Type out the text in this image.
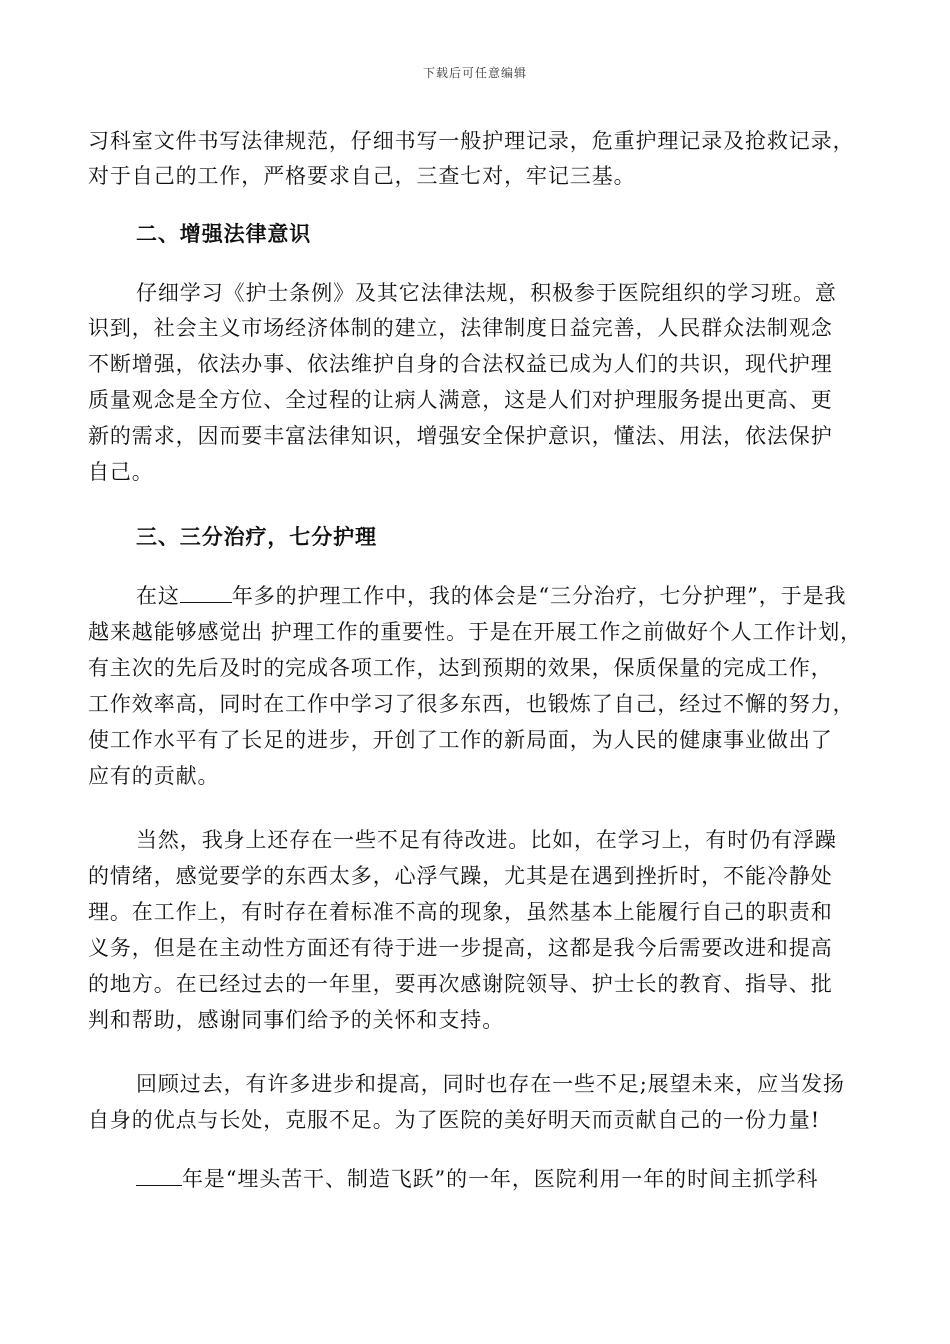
下载后可任意编辑
习科室文件书写法律规范，仔细书写一般护理记录，危重护理记录及抢救记录，
对于自己的工作，严格要求自己，三查七对，牢记三基。
二、增强法律意识
仔细学习《护士条例》及其它法律法规，积极参于医院组织的学习班。意
识到，社会主义市场经济体制的建立，法律制度日益完善，人民群众法制观念
不断增强，依法办事、依法维护自身的合法权益已成为人们的共识，现代护理
质量观念是全方位、全过程的让病人满意，这是人们对护理服务提出更高、更
新的需求，因而要丰富法律知识，增强安全保护意识，懂法、用法，依法保护
自己。
三、三分治疗，七分护理
在这 年多的护理工作中，我的体会是“三分治疗，七分护理”，于是我
越来越能够感觉出 护理工作的重要性。于是在开展工作之前做好个人工作计划，
有主次的先后及时的完成各项工作，达到预期的效果，保质保量的完成工作，
工作效率高，同时在工作中学习了很多东西，也锻炼了自己，经过不懈的努力，
使工作水平有了长足的进步，开创了工作的新局面，为人民的健康事业做出了
应有的贡献。
当然，我身上还存在一些不足有待改进。比如，在学习上，有时仍有浮躁
的情绪，感觉要学的东西太多，心浮气躁，尤其是在遇到挫折时，不能冷静处
理。在工作上，有时存在着标准不高的现象，虽然基本上能履行自己的职责和
义务，但是在主动性方面还有待于进一步提高，这都是我今后需要改进和提高
的地方。在已经过去的一年里，要再次感谢院领导、护士长的教育、指导、批
判和帮助，感谢同事们给予的关怀和支持。
回顾过去，有许多进步和提高，同时也存在一些不足;展望未来，应当发扬
自身的优点与长处，克服不足。为了医院的美好明天而贡献自己的一份力量!
年是“埋头苦干、制造飞跃”的一年，医院利用一年的时间主抓学科
